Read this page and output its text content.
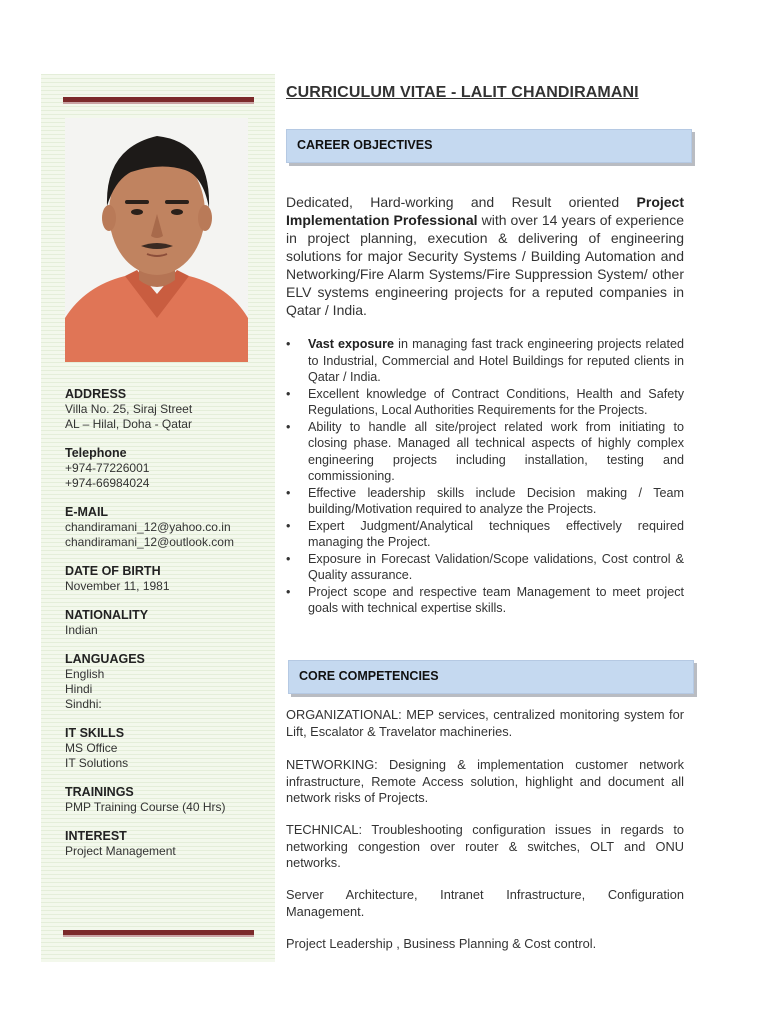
ADDRESS
Villa No. 25, Siraj Street
AL – Hilal, Doha - Qatar
Telephone
+974-77226001
+974-66984024
E-MAIL
chandiramani_12@yahoo.co.in
chandiramani_12@outlook.com
DATE OF BIRTH
November 11, 1981
NATIONALITY
Indian
LANGUAGES
English
Hindi
Sindhi:
IT SKILLS
MS Office
IT Solutions
TRAININGS
PMP Training Course (40 Hrs)
INTEREST
Project Management
CURRICULUM VITAE - LALIT CHANDIRAMANI
CAREER OBJECTIVES
Dedicated, Hard-working and Result oriented Project Implementation Professional with over 14 years of experience in project planning, execution & delivering of engineering solutions for major Security Systems / Building Automation and Networking/Fire Alarm Systems/Fire Suppression System/ other ELV systems engineering projects for a reputed companies in Qatar / India.
• Vast exposure in managing fast track engineering projects related to Industrial, Commercial and Hotel Buildings for reputed clients in Qatar / India.
• Excellent knowledge of Contract Conditions, Health and Safety Regulations, Local Authorities Requirements for the Projects.
• Ability to handle all site/project related work from initiating to closing phase. Managed all technical aspects of highly complex engineering projects including installation, testing and commissioning.
• Effective leadership skills include Decision making / Team building/Motivation required to analyze the Projects.
• Expert Judgment/Analytical techniques effectively required managing the Project.
• Exposure in Forecast Validation/Scope validations, Cost control & Quality assurance.
• Project scope and respective team Management to meet project goals with technical expertise skills.
CORE COMPETENCIES

ORGANIZATIONAL: MEP services, centralized monitoring system for Lift, Escalator & Travelator machineries.

NETWORKING: Designing & implementation customer network infrastructure, Remote Access solution, highlight and document all network risks of Projects.

TECHNICAL: Troubleshooting configuration issues in regards to networking congestion over router & switches, OLT and ONU networks.

Server Architecture, Intranet Infrastructure, Configuration Management.

Project Leadership , Business Planning & Cost control.
